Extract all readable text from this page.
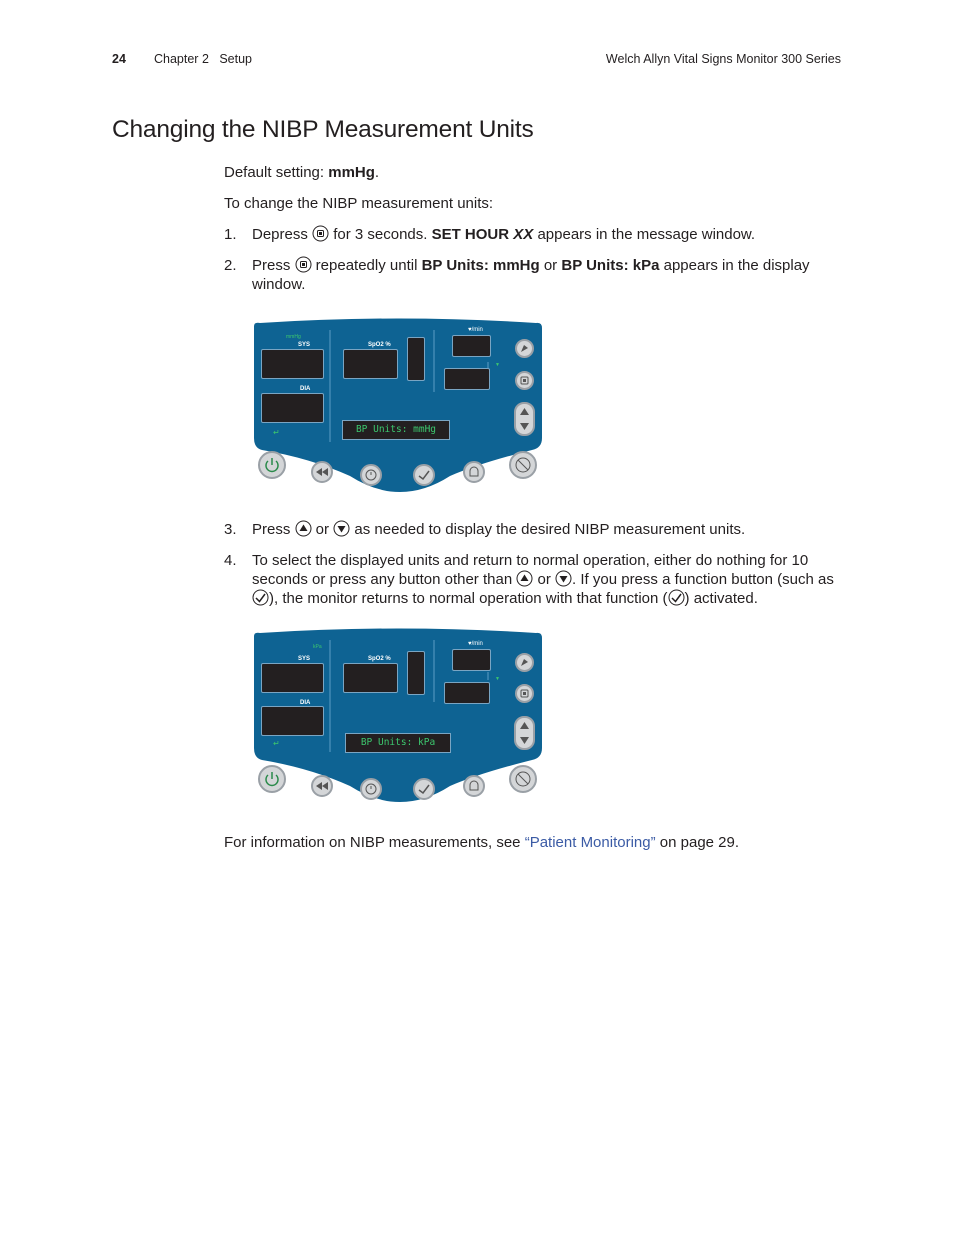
24 Chapter 2   Setup	Welch Allyn Vital Signs Monitor 300 Series
Changing the NIBP Measurement Units

Default setting: mmHg.

To change the NIBP measurement units:

1. Depress  for 3 seconds. SET HOUR XX appears in the message window.
2. Press  repeatedly until BP Units: mmHg or BP Units: kPa appears in the display window.
mmHg
SYS
DIA
SpO2 %
♥/min
▼
↵	BP Units: mmHg
3. Press  or  as needed to display the desired NIBP measurement units.
4. To select the displayed units and return to normal operation, either do nothing for 10 seconds or press any button other than  or . If you press a function button (such as ), the monitor returns to normal operation with that function ( ) activated.
kPa
SYS
DIA
SpO2 %
♥/min
▼
↵	BP Units: kPa

For information on NIBP measurements, see “Patient Monitoring” on page 29.
